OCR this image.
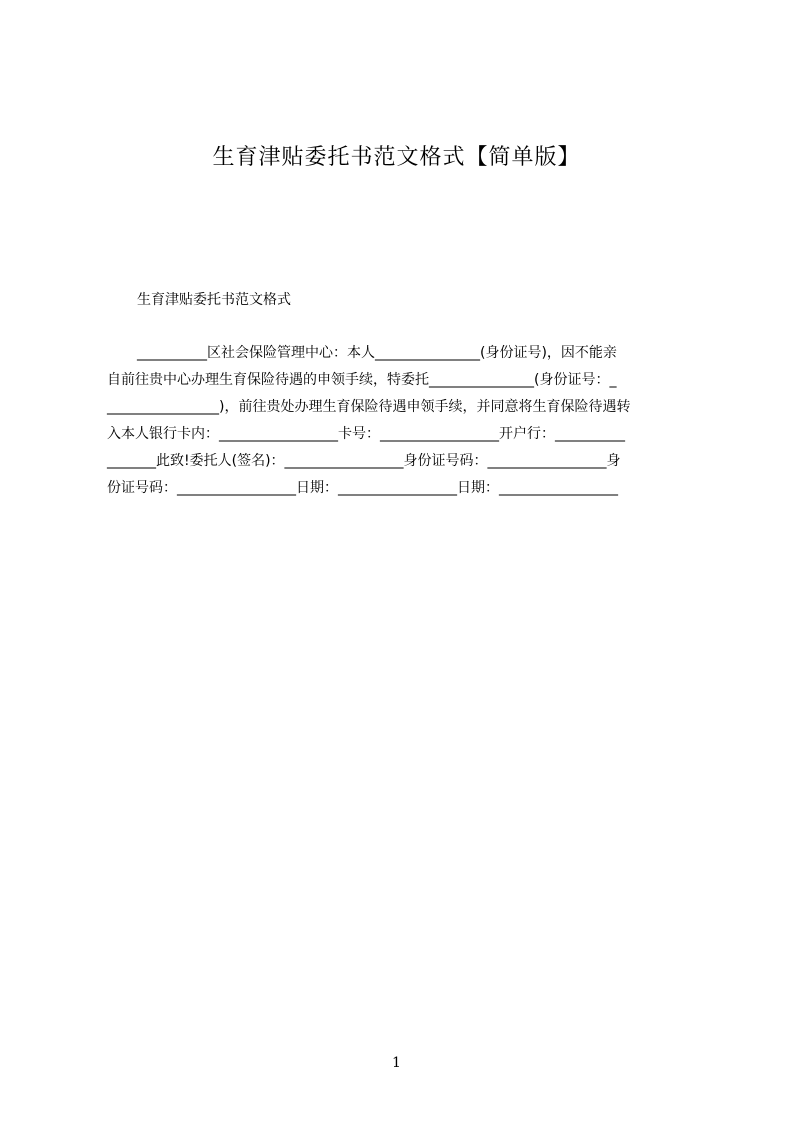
生育津贴委托书范文格式【简单版】
生育津贴委托书范文格式
__________区社会保险管理中心：本人_______________(身份证号)，因不能亲
自前往贵中心办理生育保险待遇的申领手续，特委托_______________(身份证号：_
________________)，前往贵处办理生育保险待遇申领手续，并同意将生育保险待遇转
入本人银行卡内：_________________卡号：_________________开户行：__________
_______此致!委托人(签名)：_________________身份证号码：_________________身
份证号码：_________________日期：_________________日期：_________________
1
